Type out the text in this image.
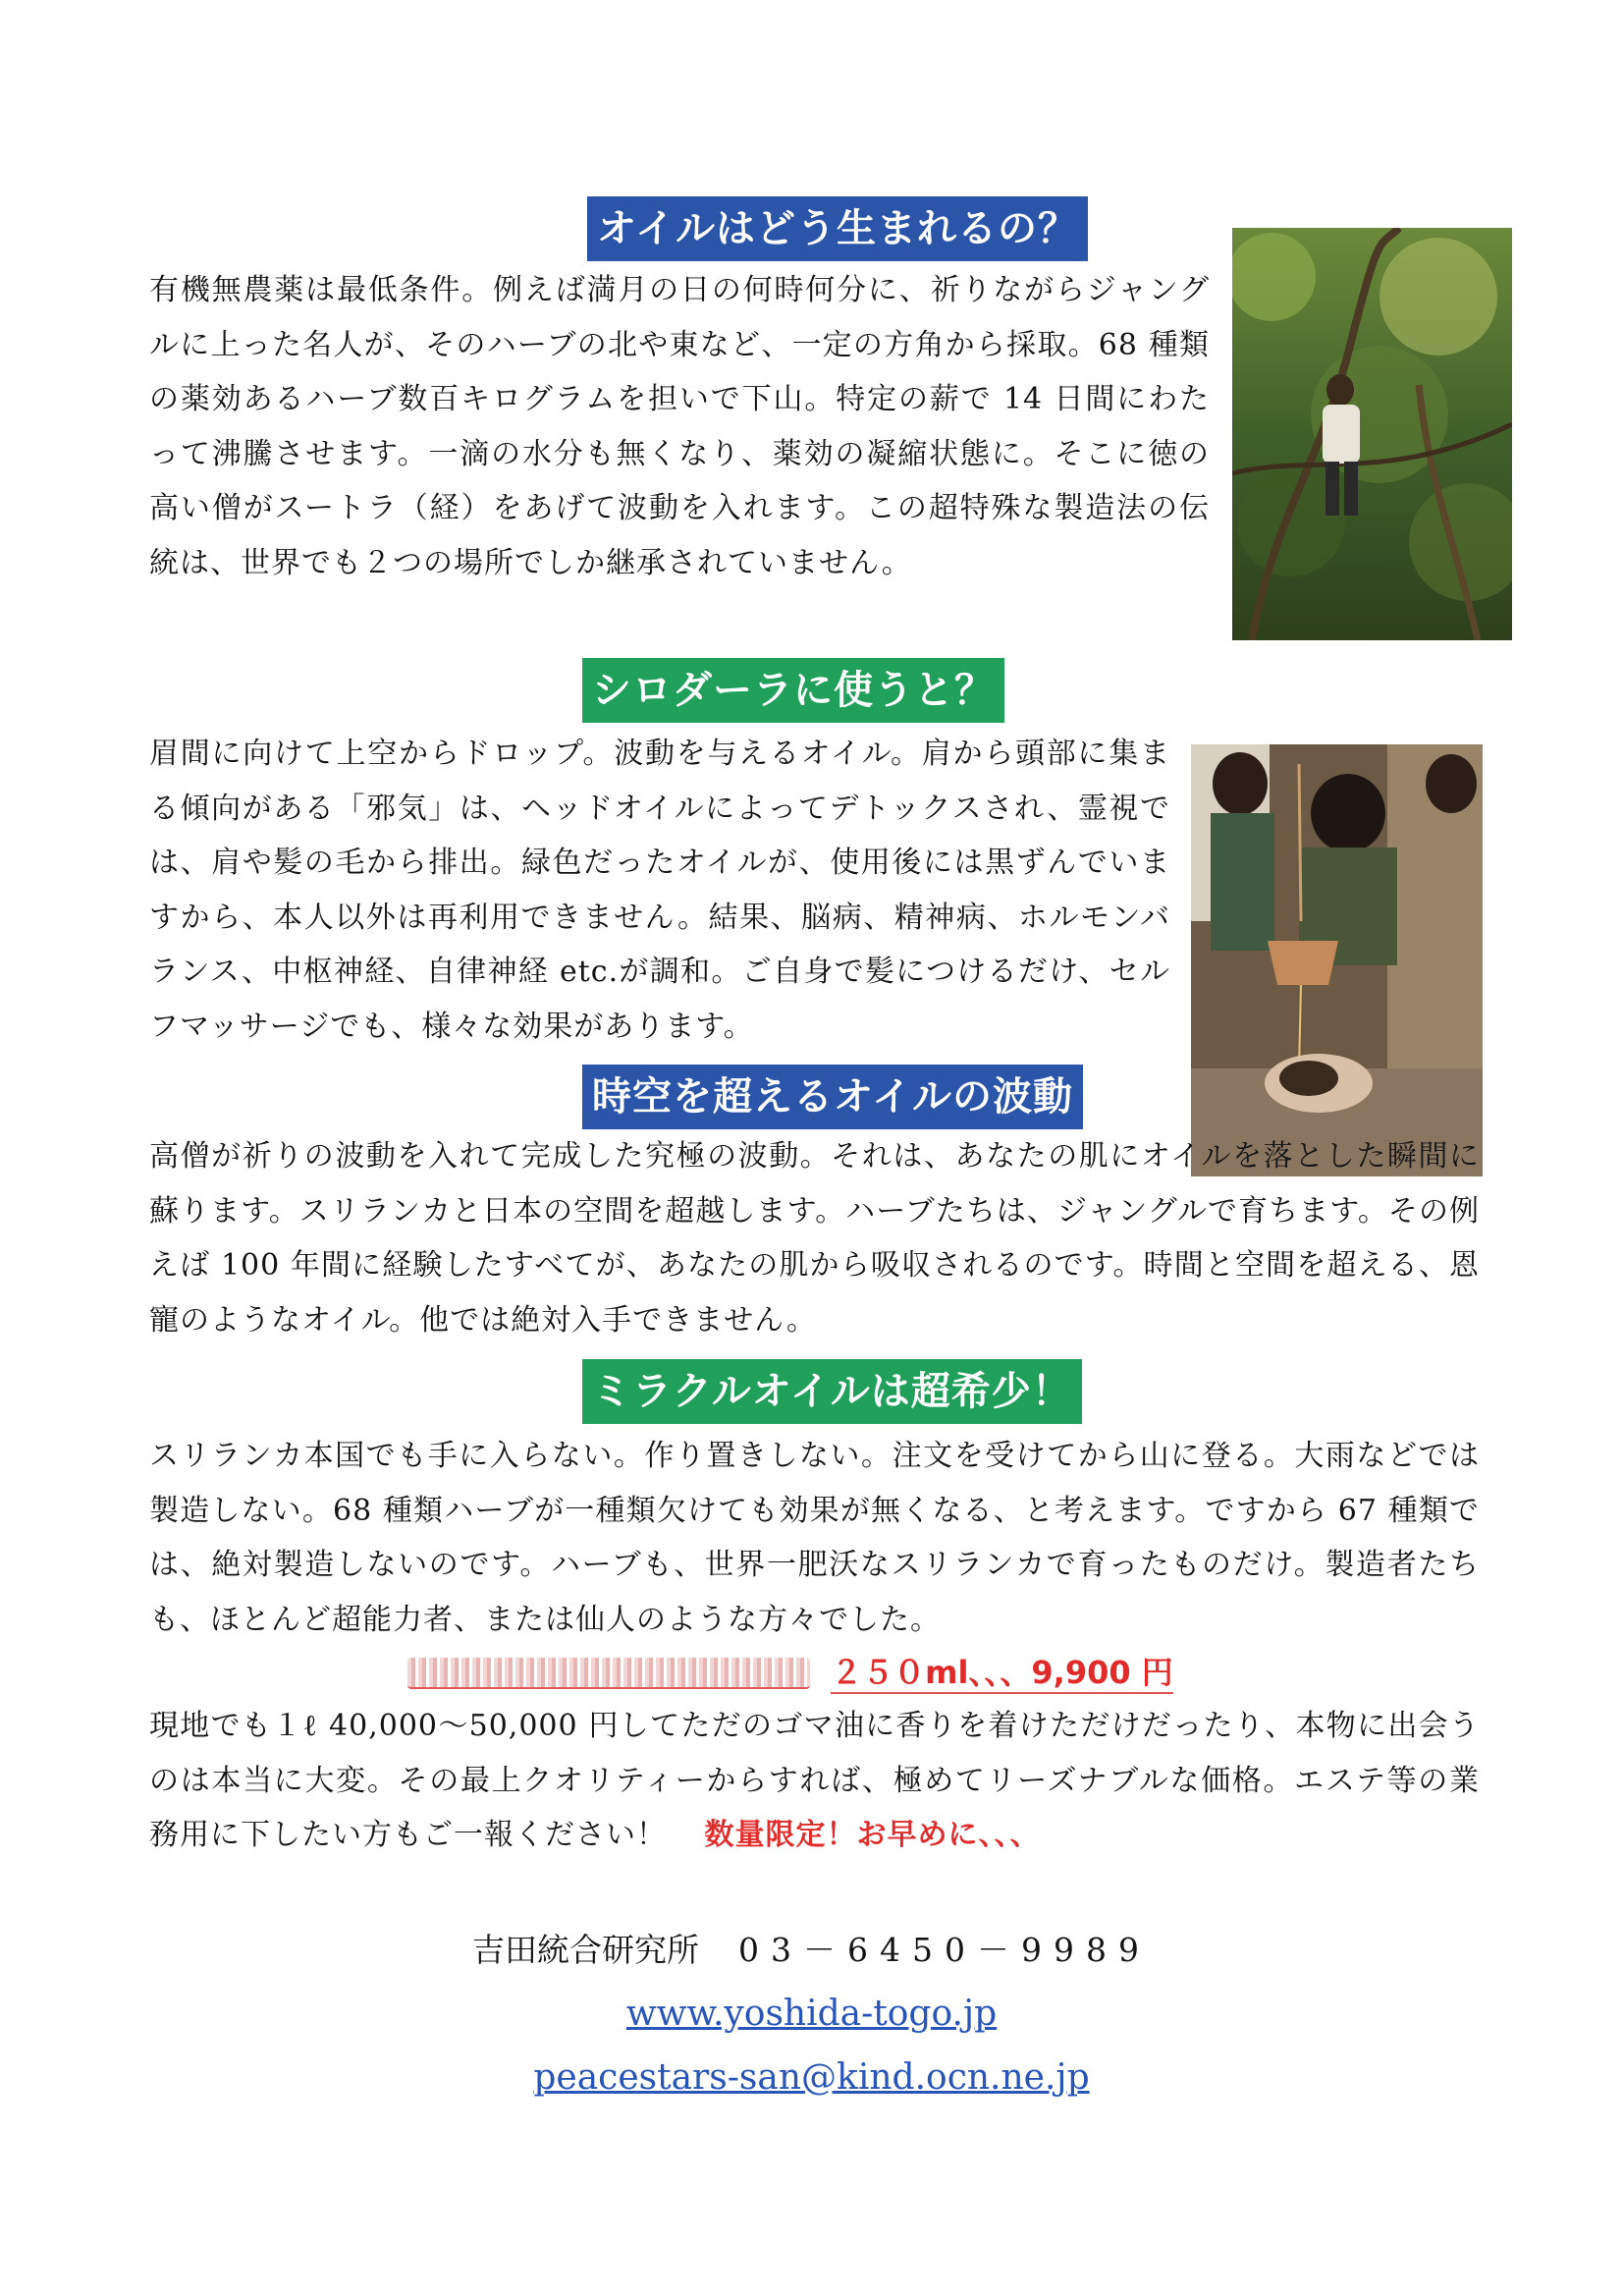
オイルはどう生まれるの？

有機無農薬は最低条件。例えば満月の日の何時何分に、祈りながらジャングルに上った名人が、そのハーブの北や東など、一定の方角から採取。68 種類の薬効あるハーブ数百キログラムを担いで下山。特定の薪で 14 日間にわたって沸騰させます。一滴の水分も無くなり、薬効の凝縮状態に。そこに徳の高い僧がスートラ（経）をあげて波動を入れます。この超特殊な製造法の伝統は、世界でも２つの場所でしか継承されていません。

シロダーラに使うと？

眉間に向けて上空からドロップ。波動を与えるオイル。肩から頭部に集まる傾向がある「邪気」は、ヘッドオイルによってデトックスされ、霊視では、肩や髪の毛から排出。緑色だったオイルが、使用後には黒ずんでいますから、本人以外は再利用できません。結果、脳病、精神病、ホルモンバランス、中枢神経、自律神経 etc.が調和。ご自身で髪につけるだけ、セルフマッサージでも、様々な効果があります。

時空を超えるオイルの波動

高僧が祈りの波動を入れて完成した究極の波動。それは、あなたの肌にオイルを落とした瞬間に蘇ります。スリランカと日本の空間を超越します。ハーブたちは、ジャングルで育ちます。その例えば 100 年間に経験したすべてが、あなたの肌から吸収されるのです。時間と空間を超える、恩寵のようなオイル。他では絶対入手できません。

ミラクルオイルは超希少！

スリランカ本国でも手に入らない。作り置きしない。注文を受けてから山に登る。大雨などでは製造しない。68 種類ハーブが一種類欠けても効果が無くなる、と考えます。ですから 67 種類では、絶対製造しないのです。ハーブも、世界一肥沃なスリランカで育ったものだけ。製造者たちも、ほとんど超能力者、または仙人のような方々でした。

２５０ml、、、9,900 円

現地でも１ℓ 40,000〜50,000 円してただのゴマ油に香りを着けただけだったり、本物に出会うのは本当に大変。その最上クオリティーからすれば、極めてリーズナブルな価格。エステ等の業務用に下したい方もご一報ください！ 数量限定！お早めに、、、

吉田統合研究所 03－6450－9989
www.yoshida-togo.jp
peacestars-san@kind.ocn.ne.jp
